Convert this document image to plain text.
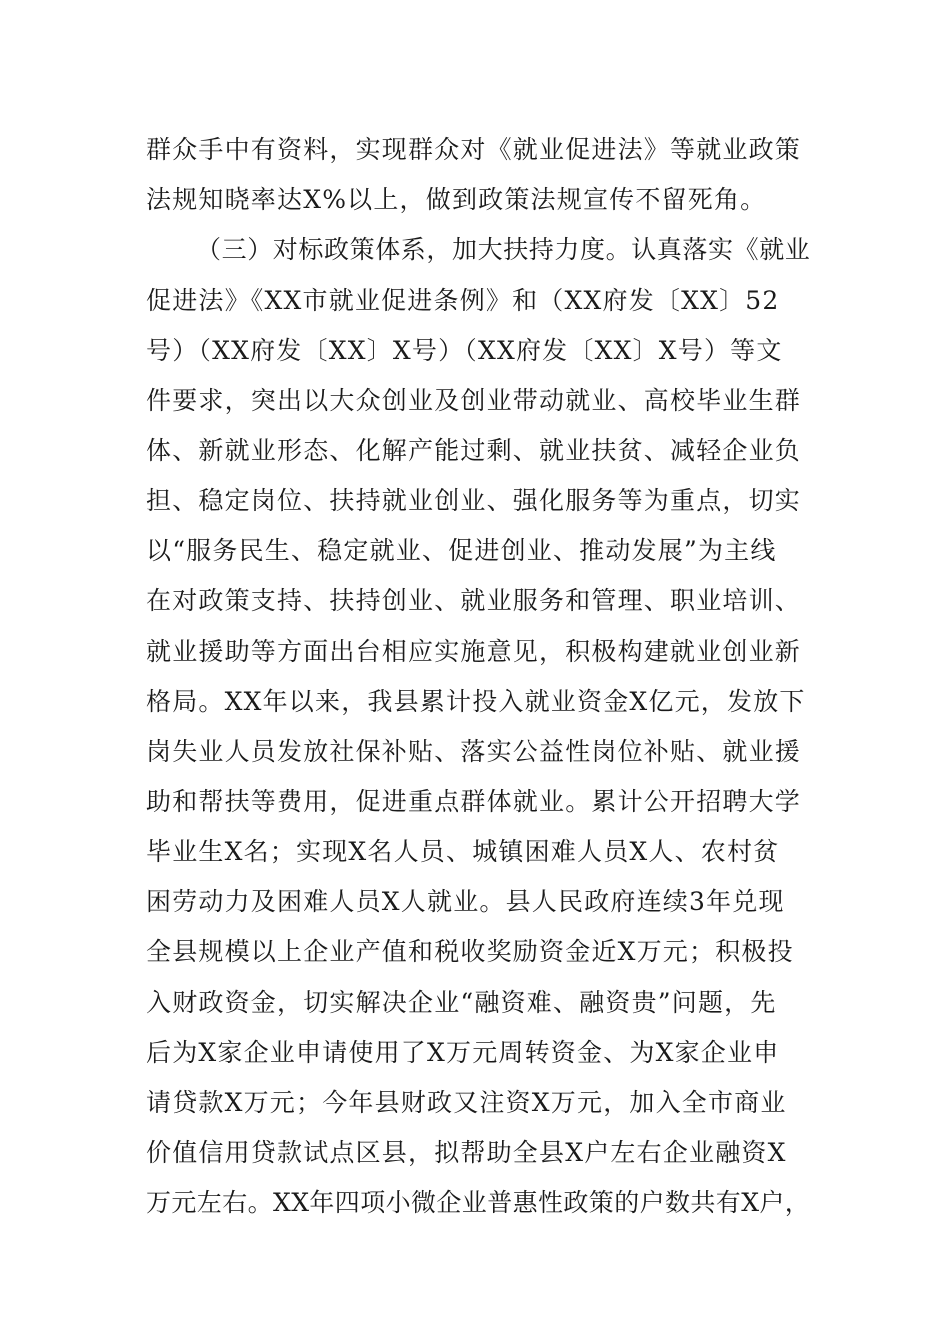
群众手中有资料，实现群众对《就业促进法》等就业政策
法规知晓率达X%以上，做到政策法规宣传不留死角。
（三）对标政策体系，加大扶持力度。认真落实《就业
促进法》《XX市就业促进条例》和（XX府发〔XX〕52
号）（XX府发〔XX〕X号）（XX府发〔XX〕X号）等文
件要求，突出以大众创业及创业带动就业、高校毕业生群
体、新就业形态、化解产能过剩、就业扶贫、减轻企业负
担、稳定岗位、扶持就业创业、强化服务等为重点，切实
以“服务民生、稳定就业、促进创业、推动发展”为主线
在对政策支持、扶持创业、就业服务和管理、职业培训、
就业援助等方面出台相应实施意见，积极构建就业创业新
格局。XX年以来，我县累计投入就业资金X亿元，发放下
岗失业人员发放社保补贴、落实公益性岗位补贴、就业援
助和帮扶等费用，促进重点群体就业。累计公开招聘大学
毕业生X名；实现X名人员、城镇困难人员X人、农村贫
困劳动力及困难人员X人就业。县人民政府连续3年兑现
全县规模以上企业产值和税收奖励资金近X万元；积极投
入财政资金，切实解决企业“融资难、融资贵”问题，先
后为X家企业申请使用了X万元周转资金、为X家企业申
请贷款X万元；今年县财政又注资X万元，加入全市商业
价值信用贷款试点区县，拟帮助全县X户左右企业融资X
万元左右。XX年四项小微企业普惠性政策的户数共有X户，
